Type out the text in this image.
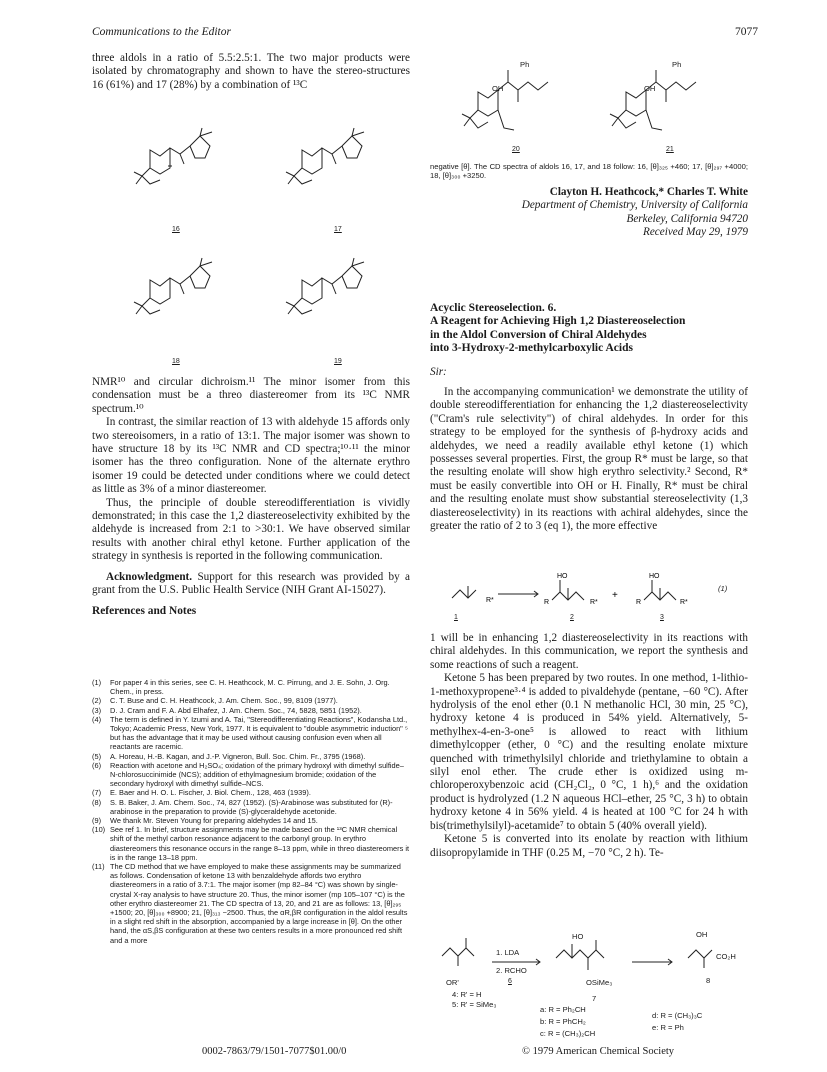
Communications to the Editor	7077

three aldols in a ratio of 5.5:2.5:1. The two major products were isolated by chromatography and shown to have the stereo-structures 16 (61%) and 17 (28%) by a combination of ¹³C

16	17
18	19

NMR¹⁰ and circular dichroism.¹¹ The minor isomer from this condensation must be a threo diastereomer from its ¹³C NMR spectrum.¹⁰

In contrast, the similar reaction of 13 with aldehyde 15 affords only two stereoisomers, in a ratio of 13:1. The major isomer was shown to have structure 18 by its ¹³C NMR and CD spectra;¹⁰·¹¹ the minor isomer has the threo configuration. None of the alternate erythro isomer 19 could be detected under conditions where we could detect as little as 3% of a minor diastereomer.

Thus, the principle of double stereodifferentiation is vividly demonstrated; in this case the 1,2 diastereoselectivity exhibited by the aldehyde is increased from 2:1 to >30:1. We have observed similar results with another chiral ethyl ketone. Further application of the strategy in synthesis is reported in the following communication.

Acknowledgment. Support for this research was provided by a grant from the U.S. Public Health Service (NIH Grant AI-15027).

References and Notes

(1) For paper 4 in this series, see C. H. Heathcock, M. C. Pirrung, and J. E. Sohn, J. Org. Chem., in press.

(2) C. T. Buse and C. H. Heathcock, J. Am. Chem. Soc., 99, 8109 (1977).

(3) D. J. Cram and F. A. Abd Elhafez, J. Am. Chem. Soc., 74, 5828, 5851 (1952).

(4) The term is defined in Y. Izumi and A. Tai, "Stereodifferentiating Reactions", Kodansha Ltd., Tokyo; Academic Press, New York, 1977. It is equivalent to "double asymmetric induction" ⁵ but has the advantage that it may be used without causing confusion even when all reactants are racemic.

(5) A. Horeau, H.-B. Kagan, and J.-P. Vigneron, Bull. Soc. Chim. Fr., 3795 (1968).

(6) Reaction with acetone and H₂SO₄; oxidation of the primary hydroxyl with dimethyl sulfide–N-chlorosuccinimide (NCS); addition of ethylmagnesium bromide; oxidation of the secondary hydroxyl with dimethyl sulfide–NCS.

(7) E. Baer and H. O. L. Fischer, J. Biol. Chem., 128, 463 (1939).

(8) S. B. Baker, J. Am. Chem. Soc., 74, 827 (1952). (S)-Arabinose was substituted for (R)-arabinose in the preparation to provide (S)-glyceraldehyde acetonide.

(9) We thank Mr. Steven Young for preparing aldehydes 14 and 15.

(10) See ref 1. In brief, structure assignments may be made based on the ¹³C NMR chemical shift of the methyl carbon resonance adjacent to the carbonyl group. In erythro diastereomers this resonance occurs in the range 8–13 ppm, while in threo diastereomers it is in the range 13–18 ppm.

(11) The CD method that we have employed to make these assignments may be summarized as follows. Condensation of ketone 13 with benzaldehyde affords two erythro diastereomers in a ratio of 3.7:1. The major isomer (mp 82–84 °C) was shown by single-crystal X-ray analysis to have structure 20. Thus, the minor isomer (mp 105–107 °C) is the other erythro diastereomer 21. The CD spectra of 13, 20, and 21 are as follows: 13, [θ]₂₉₅ +1500; 20, [θ]₃₀₀ +8900; 21, [θ]₃₁₃ −2500. Thus, the αR,βR configuration in the aldol results in a slight red shift in the absorption, accompanied by a large increase in [θ]. On the other hand, the αS,βS configuration at these two centers results in a more pronounced red shift and a more

Ph	Ph
OH	OH
20	21
negative [θ]. The CD spectra of aldols 16, 17, and 18 follow: 16, [θ]₃₂₅ +460; 17, [θ]₂₉₇ +4000; 18, [θ]₃₀₀ +3250.
Clayton H. Heathcock,* Charles T. White
Department of Chemistry, University of California
Berkeley, California 94720
Received May 29, 1979
Acyclic Stereoselection. 6.
A Reagent for Achieving High 1,2 Diastereoselection
in the Aldol Conversion of Chiral Aldehydes
into 3-Hydroxy-2-methylcarboxylic Acids
Sir:

In the accompanying communication¹ we demonstrate the utility of double stereodifferentiation for enhancing the 1,2 diastereoselectivity ("Cram's rule selectivity") of chiral aldehydes. In order for this strategy to be employed for the synthesis of β-hydroxy acids and aldehydes, we need a readily available ethyl ketone (1) which possesses several properties. First, the group R* must be large, so that the resulting enolate will show high erythro selectivity.² Second, R* must be easily convertible into OH or H. Finally, R* must be chiral and the resulting enolate must show substantial stereoselectivity (1,3 diastereoselectivity) in its reactions with achiral aldehydes, since the greater the ratio of 2 to 3 (eq 1), the more effective

R*	R*	R*
+
R	R
HO	HO
1	2	3
(1)

1 will be in enhancing 1,2 diastereoselectivity in its reactions with chiral aldehydes. In this communication, we report the synthesis and some reactions of such a reagent.

Ketone 5 has been prepared by two routes. In one method, 1-lithio-1-methoxypropene³·⁴ is added to pivaldehyde (pentane, −60 °C). After hydrolysis of the enol ether (0.1 N methanolic HCl, 30 min, 25 °C), hydroxy ketone 4 is produced in 54% yield. Alternatively, 5-methylhex-4-en-3-one⁵ is allowed to react with lithium dimethylcopper (ether, 0 °C) and the resulting enolate mixture quenched with trimethylsilyl chloride and triethylamine to obtain a silyl enol ether. The crude ether is oxidized using m-chloroperoxybenzoic acid (CH₂Cl₂, 0 °C, 1 h),⁶ and the oxidation product is hydrolyzed (1.2 N aqueous HCl–ether, 25 °C, 3 h) to obtain hydroxy ketone 4 in 56% yield. 4 is heated at 100 °C for 24 h with bis(trimethylsilyl)-acetamide⁷ to obtain 5 (40% overall yield).

Ketone 5 is converted into its enolate by reaction with lithium diisopropylamide in THF (0.25 M, −70 °C, 2 h). Te-

1. LDA
2. RCHO
6
HO	OH
OR'	OSiMe₃
CO₂H
4: R' = H
5: R' = SiMe₃
7
8
a: R = Ph₂CH
b: R = PhCH₂
c: R = (CH₃)₂CH
d: R = (CH₃)₃C
e: R = Ph
0002-7863/79/1501-7077$01.00/0	© 1979 American Chemical Society
